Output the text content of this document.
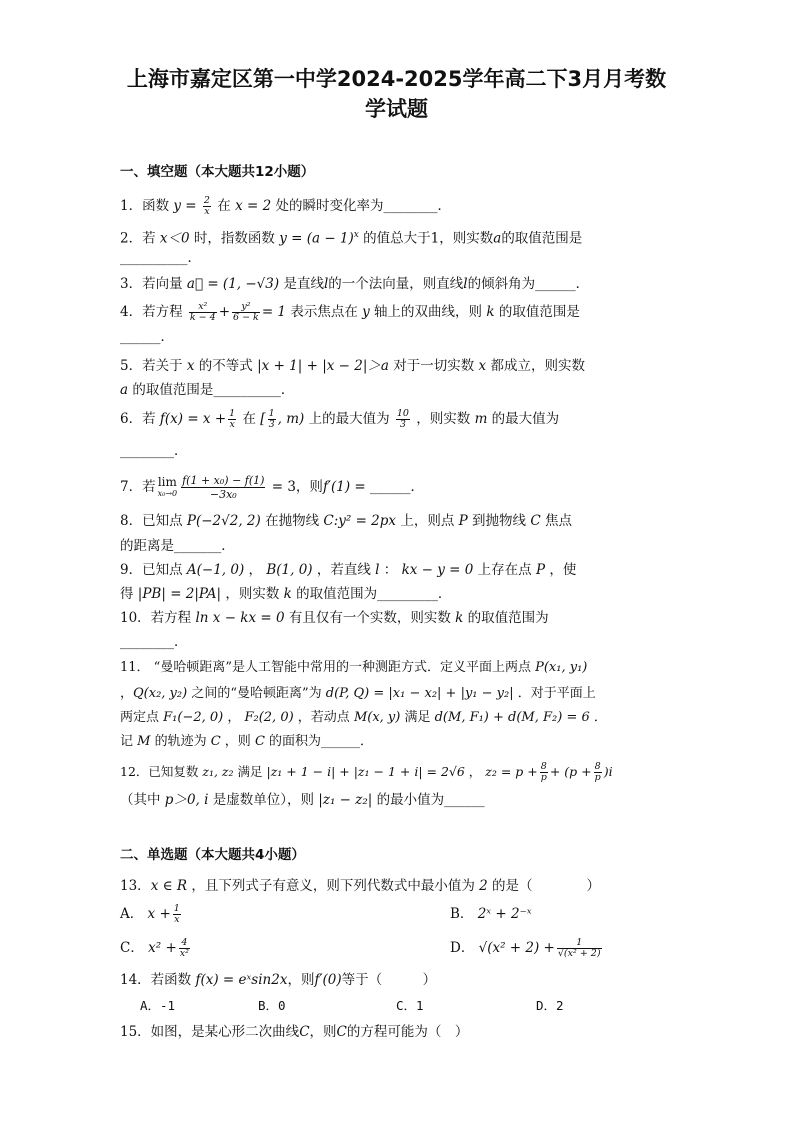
上海市嘉定区第一中学2024-2025学年高二下3月月考数
学试题
一、填空题（本大题共12小题）
1．函数 $y = \frac{2}{x}$ 在 x = 2 处的瞬时变化率为________．
2．若 x＜0 时，指数函数 $y = (a - 1)^x$ 的值总大于1，则实数a的取值范围是
__________．
3．若向量 a⃗ = (1, −√3) 是直线l的一个法向量，则直线l的倾斜角为______．
4．若方程 $\frac{\text{x²}}{k - 4} + \frac{\text{y²}}{6 - k} = 1$ 表示焦点在 y 轴上的双曲线，则 k 的取值范围是
______．
5．若关于 x 的不等式 |x + 1| + |x − 2|＞a 对于一切实数 x 都成立，则实数
a 的取值范围是__________．
6．若 $f(x) = x + \frac{1}{x}$ 在 [ $\frac{1}{3}$ , m) 上的最大值为 $\frac{10}{3}$ ，则实数 m 的最大值为
________．
7．若 lim
$x_0\to 0 \frac{\text{f(1 + x₀) − f(1)}}{\text{−3x₀}} = 3$，则f′(1) = ______．
8．已知点 P(−2√2, 2) 在抛物线 C:y² = 2px 上，则点 P 到抛物线 C 焦点
的距离是_______．
9．已知点 A(−1, 0) ， B(1, 0) ，若直线 l ： kx − y = 0 上存在点 P ，使
得 |PB| = 2|PA| ，则实数 k 的取值范围为_________．
10．若方程 ln x − kx = 0 有且仅有一个实数，则实数 k 的取值范围为
________．
11． “曼哈顿距离”是人工智能中常用的一种测距方式．定义平面上两点 P(x₁, y₁)
，Q(x₂, y₂) 之间的“曼哈顿距离”为 d(P, Q) = |x₁ − x₂| + |y₁ − y₂| ．对于平面上
两定点 F₁(−2, 0) ， F₂(2, 0) ，若动点 M(x, y) 满足 d(M, F₁) + d(M, F₂) = 6 ．
记 M 的轨迹为 C ，则 C 的面积为______．
12．已知复数 z₁, z₂ 满足 |z₁ + 1 − i| + |z₁ − 1 + i| = 2√6 ， $z_2 = p + \frac{8}{p} + (p + \frac{8}{p} )i$
（其中 p＞0, i 是虚数单位），则 |z₁ − z₂| 的最小值为______
二、单选题（本大题共4小题）
13．x ∈ R ，且下列式子有意义，则下列代数式中最小值为 2 的是（　　　　）
A． $x + \frac{1}{x}$	B． 2ˣ + 2⁻ˣ
C． $x^2 + \frac{4}{\text{x²}}$	D． $√(x^2 + 2) + \frac{1}{\text{√(x² + 2)}}$
14．若函数 f(x) = eˣsin2x，则f′(0)等于（　　　）
A．-1	B．0	C．1	D．2
15．如图，是某心形二次曲线C，则C的方程可能为（　）
